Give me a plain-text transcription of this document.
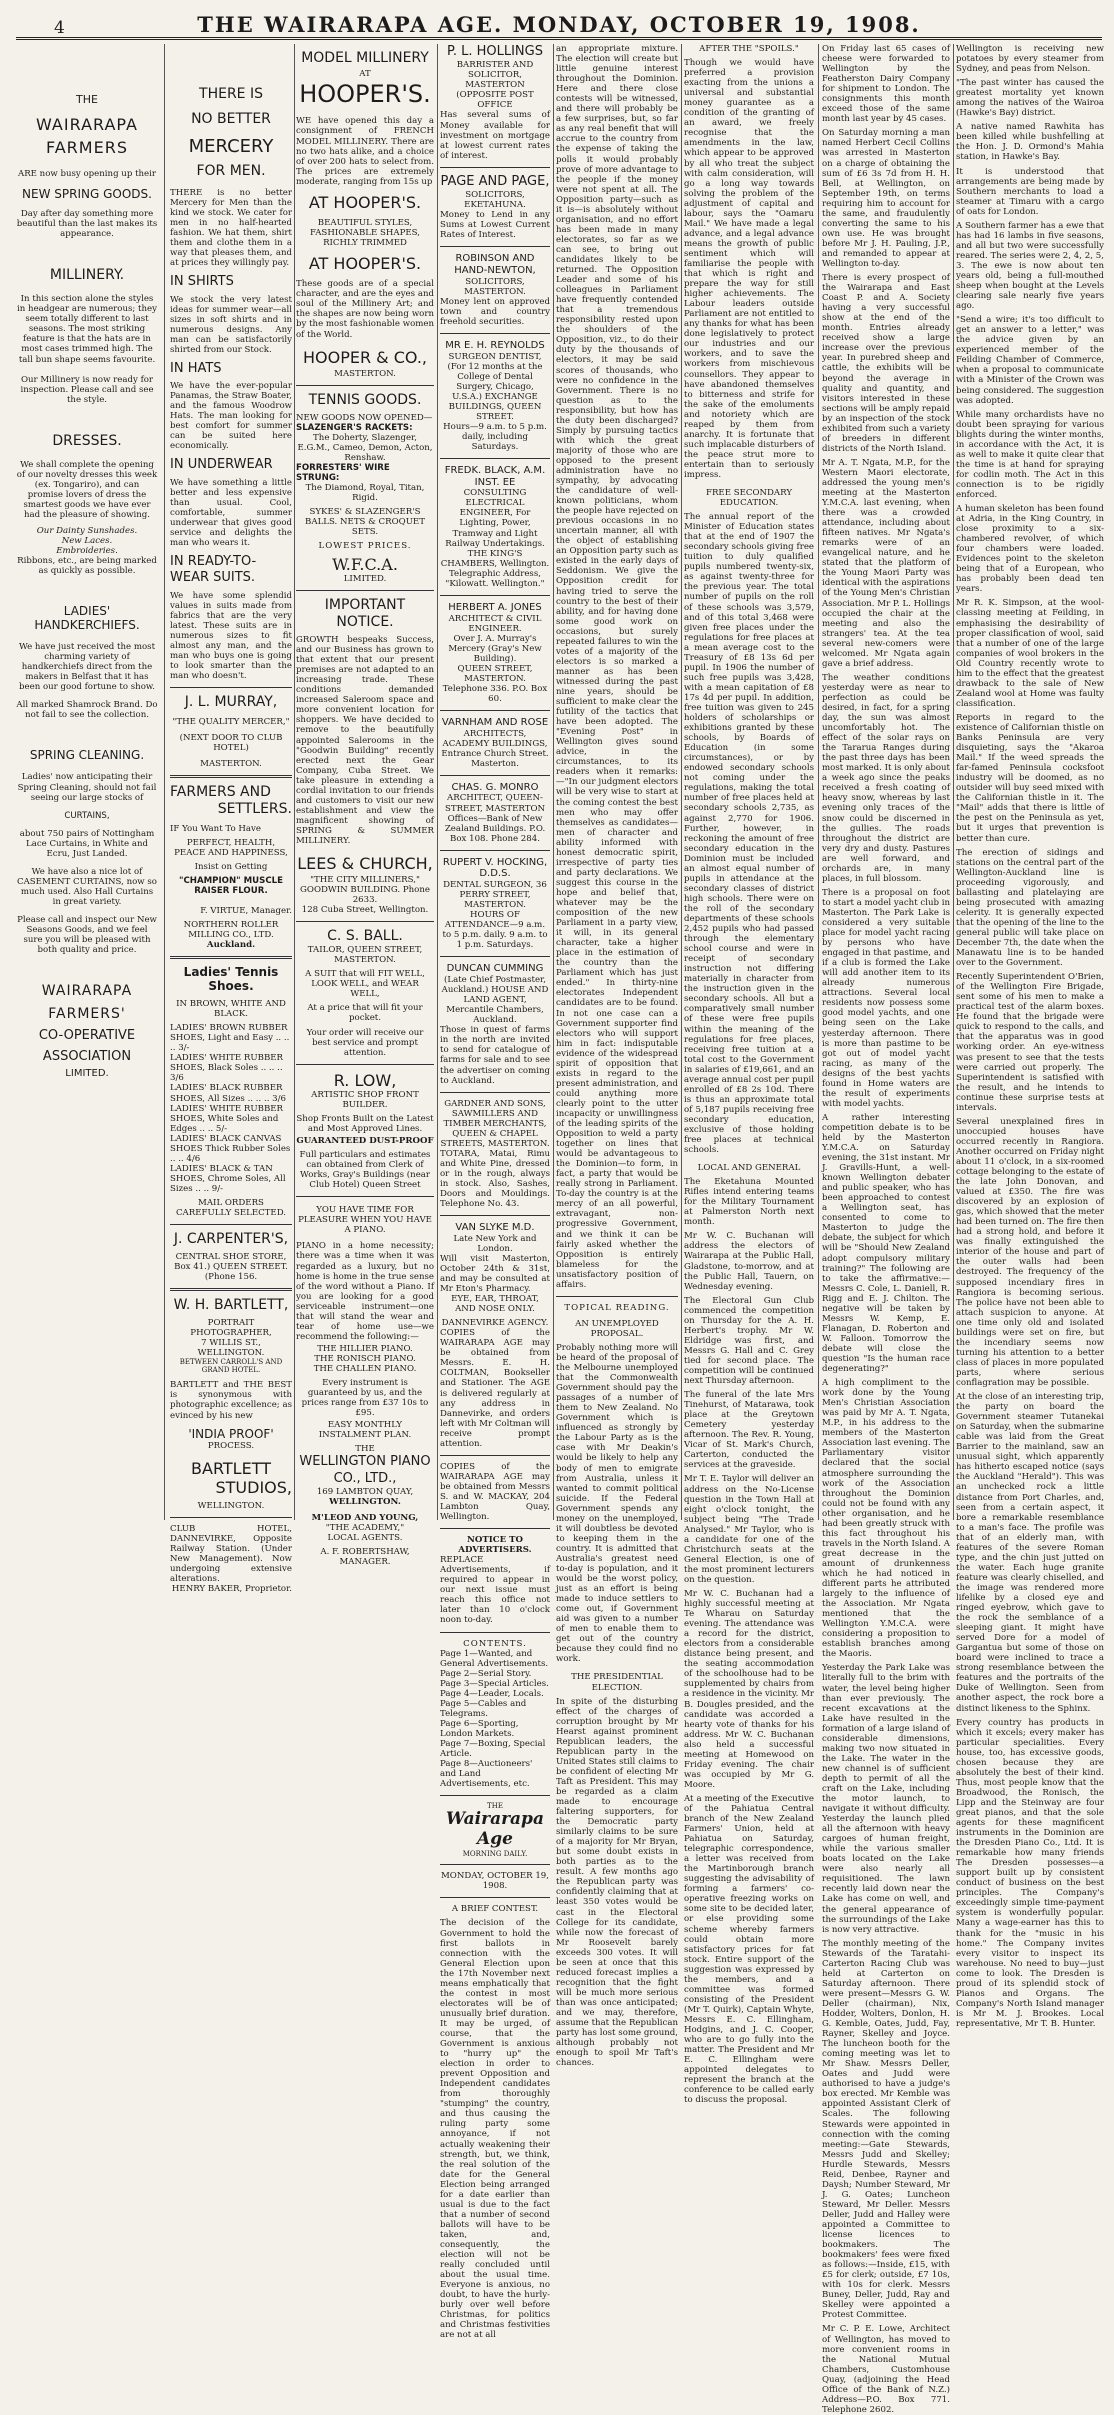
4	THE WAIRARAPA AGE. MONDAY, OCTOBER 19, 1908.
THE
WAIRARAPA
FARMERS
ARE now busy opening up their
NEW SPRING GOODS.
Day after day something more beautiful than the last makes its appearance.
MILLINERY.
In this section alone the styles in headgear are numerous; they seem totally different to last seasons. The most striking feature is that the hats are in most cases trimmed high. The tall bun shape seems favourite.
Our Millinery is now ready for inspection. Please call and see the style.
DRESSES.
We shall complete the opening of our novelty dresses this week (ex. Tongariro), and can promise lovers of dress the smartest goods we have ever had the pleasure of showing.
Our Dainty Sunshades.
New Laces.
Embroideries.
Ribbons, etc., are being marked as quickly as possible.
LADIES'
HANDKERCHIEFS.
We have just received the most charming variety of handkerchiefs direct from the makers in Belfast that it has been our good fortune to show.
All marked Shamrock Brand. Do not fail to see the collection.
SPRING CLEANING.
Ladies' now anticipating their Spring Cleaning, should not fail seeing our large stocks of
CURTAINS,
about 750 pairs of Nottingham Lace Curtains, in White and Ecru, Just Landed.
We have also a nice lot of CASEMENT CURTAINS, now so much used. Also Hall Curtains in great variety.
Please call and inspect our New Seasons Goods, and we feel sure you will be pleased with both quality and price.
WAIRARAPA
FARMERS'
CO-OPERATIVE
ASSOCIATION
LIMITED.
THERE IS
NO BETTER
MERCERY
FOR MEN.
THERE is no better Mercery for Men than the kind we stock. We cater for men in no half-hearted fashion. We hat them, shirt them and clothe them in a way that pleases them, and at prices they willingly pay.
IN SHIRTS
We stock the very latest ideas for summer wear—all sizes in soft shirts and in numerous designs. Any man can be satisfactorily shirted from our Stock.
IN HATS
We have the ever-popular Panamas, the Straw Boater, and the famous Woodrow Hats. The man looking for best comfort for summer can be suited here economically.
IN UNDERWEAR
We have something a little better and less expensive than usual. Cool, comfortable, summer underwear that gives good service and delights the man who wears it.
IN READY-TO-WEAR SUITS.
We have some splendid values in suits made from fabrics that are the very latest. These suits are in numerous sizes to fit almost any man, and the man who buys one is going to look smarter than the man who doesn't.
J. L. MURRAY,
"THE QUALITY MERCER,"
(NEXT DOOR TO CLUB HOTEL)
MASTERTON.
FARMERS AND
SETTLERS.
IF You Want To Have
PERFECT, HEALTH, PEACE AND HAPPINESS,
Insist on Getting
"CHAMPION" MUSCLE RAISER FLOUR.
F. VIRTUE, Manager.
NORTHERN ROLLER MILLING CO., LTD.
Auckland.
Ladies' Tennis Shoes.
IN BROWN, WHITE AND BLACK.
LADIES' BROWN RUBBER SHOES, Light and Easy .. .. .. 3/-
LADIES' WHITE RUBBER SHOES, Black Soles .. .. .. 3/6
LADIES' BLACK RUBBER SHOES, All Sizes .. .. .. 3/6
LADIES' WHITE RUBBER SHOES, White Soles and Edges .. .. 5/-
LADIES' BLACK CANVAS SHOES Thick Rubber Soles .. .. 4/6
LADIES' BLACK & TAN SHOES, Chrome Soles, All Sizes .. .. 9/-
MAIL ORDERS CAREFULLY SELECTED.
J. CARPENTER'S,
CENTRAL SHOE STORE,
Box 41.) QUEEN STREET. (Phone 156.
W. H. BARTLETT,
PORTRAIT PHOTOGRAPHER,
7 WILLIS ST., WELLINGTON.
BETWEEN CARROLL'S AND GRAND HOTEL.
BARTLETT and THE BEST is synonymous with photographic excellence; as evinced by his new
'INDIA PROOF'
PROCESS.
BARTLETT
STUDIOS,
WELLINGTON.
CLUB HOTEL, DANNEVIRKE, Opposite Railway Station. (Under New Management). Now undergoing extensive alterations.
HENRY BAKER, Proprietor.
MODEL MILLINERY
AT
HOOPER'S.
WE have opened this day a consignment of FRENCH MODEL MILLINERY. There are no two hats alike, and a choice of over 200 hats to select from. The prices are extremely moderate, ranging from 15s up
AT HOOPER'S.
BEAUTIFUL STYLES, FASHIONABLE SHAPES, RICHLY TRIMMED
AT HOOPER'S.
These goods are of a special character, and are the eyes and soul of the Millinery Art; and the shapes are now being worn by the most fashionable women of the World.
HOOPER & CO.,
MASTERTON.
TENNIS GOODS.
NEW GOODS NOW OPENED—
SLAZENGER'S RACKETS:
The Doherty, Slazenger, E.G.M., Cameo, Demon, Acton, Renshaw.
FORRESTERS' WIRE STRUNG:
The Diamond, Royal, Titan, Rigid.
SYKES' & SLAZENGER'S BALLS. NETS & CROQUET SETS.
LOWEST PRICES.
W.F.C.A.
LIMITED.
IMPORTANT NOTICE.
GROWTH bespeaks Success, and our Business has grown to that extent that our present premises are not adapted to an increasing trade. These conditions demanded increased Saleroom space and more convenient location for shoppers. We have decided to remove to the beautifully appointed Salerooms in the "Goodwin Building" recently erected next the Gear Company, Cuba Street. We take pleasure in extending a cordial invitation to our friends and customers to visit our new establishment and view the magnificent showing of SPRING & SUMMER MILLINERY.
LEES & CHURCH,
"THE CITY MILLINERS,"
GOODWIN BUILDING. Phone 2633.
128 Cuba Street, Wellington.
C. S. BALL.
TAILOR, QUEEN STREET, MASTERTON.
A SUIT that will FIT WELL, LOOK WELL, and WEAR WELL,
At a price that will fit your pocket.
Your order will receive our best service and prompt attention.
R. LOW,
ARTISTIC SHOP FRONT BUILDER.
Shop Fronts Built on the Latest and Most Approved Lines.
GUARANTEED DUST-PROOF
Full particulars and estimates can obtained from Clerk of Works, Gray's Buildings (near Club Hotel) Queen Street
YOU HAVE TIME FOR PLEASURE WHEN YOU HAVE A PIANO.
PIANO in a home necessity; there was a time when it was regarded as a luxury, but no home is home in the true sense of the word without a Piano. If you are looking for a good serviceable instrument—one that will stand the wear and tear of home use—we recommend the following:—
THE HILLIER PIANO.
THE RONISCH PIANO.
THE CHALLEN PIANO.
Every instrument is guaranteed by us, and the prices range from £37 10s to £95.
EASY MONTHLY INSTALMENT PLAN.
THE
WELLINGTON PIANO CO., LTD.,
169 LAMBTON QUAY,
WELLINGTON.
M'LEOD AND YOUNG,
"THE ACADEMY,"
LOCAL AGENTS.
A. F. ROBERTSHAW, MANAGER.
P. L. HOLLINGS
BARRISTER AND SOLICITOR, MASTERTON (OPPOSITE POST OFFICE
Has several sums of Money available for investment on mortgage at lowest current rates of interest.
PAGE AND PAGE,
SOLICITORS, EKETAHUNA.
Money to Lend in any Sums at Lowest Current Rates of Interest.
ROBINSON AND HAND-NEWTON,
SOLICITORS, MASTERTON.
Money lent on approved town and country freehold securities.
MR E. H. REYNOLDS
SURGEON DENTIST, (For 12 months at the College of Dental Surgery, Chicago, U.S.A.) EXCHANGE BUILDINGS, QUEEN STREET.
Hours—9 a.m. to 5 p.m. daily, including Saturdays.
FREDK. BLACK, A.M. INST. EE
CONSULTING ELECTRICAL ENGINEER, For Lighting, Power, Tramway and Light Railway Undertakings.
THE KING'S CHAMBERS, Wellington.
Telegraphic Address, "Kilowatt. Wellington."
HERBERT A. JONES
ARCHITECT & CIVIL ENGINEER.
Over J. A. Murray's Mercery (Gray's New Building).
QUEEN STREET, MASTERTON.
Telephone 336. P.O. Box 60.
VARNHAM AND ROSE
ARCHITECTS, ACADEMY BUILDINGS, Entrance Church Street. Masterton.
CHAS. G. MONRO
ARCHITECT, QUEEN-STREET, MASTERTON
Offices—Bank of New Zealand Buildings. P.O. Box 108. Phone 284.
RUPERT V. HOCKING, D.D.S.
DENTAL SURGEON, 36 PERRY STREET, MASTERTON.
HOURS OF ATTENDANCE—9 a.m. to 5 p.m. daily. 9 a.m. to 1 p.m. Saturdays.
DUNCAN CUMMING
(Late Chief Postmaster, Auckland.) HOUSE AND LAND AGENT, Mercantile Chambers, Auckland.
Those in quest of farms in the north are invited to send for catalogue of farms for sale and to see the advertiser on coming to Auckland.
GARDNER AND SONS, SAWMILLERS AND TIMBER MERCHANTS,
QUEEN & CHAPEL STREETS, MASTERTON.
TOTARA, Matai, Rimu and White Pine, dressed or in the rough, always in stock. Also, Sashes, Doors and Mouldings. Telephone No. 43.
VAN SLYKE M.D.
Late New York and London.
Will visit Masterton, October 24th & 31st, and may be consulted at Mr Eton's Pharmacy.
EYE, EAR, THROAT, AND NOSE ONLY.
DANNEVIRKE AGENCY.
COPIES of the WAIRARAPA AGE may be obtained from Messrs. E. H. COLTMAN, Bookseller and Stationer. The AGE is delivered regularly at any address in Dannevirke, and orders left with Mr Coltman will receive prompt attention.
COPIES of the WAIRARAPA AGE may be obtained from Messrs S. and W. MACKAY, 204 Lambton Quay, Wellington.
NOTICE TO ADVERTISERS.
REPLACE Advertisements, if required to appear in our next issue must reach this office not later than 10 o'clock noon to-day.
CONTENTS.
Page 1—Wanted, and General Advertisements.
Page 2—Serial Story.
Page 3—Special Articles.
Page 4—Leader, Locals.
Page 5—Cables and Telegrams.
Page 6—Sporting, London Markets.
Page 7—Boxing, Special Article.
Page 8—Auctioneers' and Land Advertisements, etc.
THE
Wairarapa Age
MORNING DAILY.
MONDAY, OCTOBER 19, 1908.
A BRIEF CONTEST.
The decision of the Government to hold the first ballots in connection with the General Election upon the 17th November next means emphatically that the contest in most electorates will be of unusually brief duration. It may be urged, of course, that the Government is anxious to "hurry up" the election in order to prevent Opposition and Independent candidates from thoroughly "stumping" the country, and thus causing the ruling party some annoyance, if not actually weakening their strength, but, we think, the real solution of the date for the General Election being arranged for a date earlier than usual is due to the fact that a number of second ballots will have to be taken, and, consequently, the election will not be really concluded until about the usual time. Everyone is anxious, no doubt, to have the hurly-burly over well before Christmas, for politics and Christmas festivities are not at all
an appropriate mixture. The election will create but little genuine interest throughout the Dominion. Here and there close contests will be witnessed, and there will probably be a few surprises, but, so far as any real benefit that will accrue to the country from the expense of taking the polls it would probably prove of more advantage to the people if the money were not spent at all. The Opposition party—such as it is—is absolutely without organisation, and no effort has been made in many electorates, so far as we can see, to bring out candidates likely to be returned. The Opposition Leader and some of his colleagues in Parliament have frequently contended that a tremendous responsibility rested upon the shoulders of the Opposition, viz., to do their duty by the thousands of electors, it may be said scores of thousands, who were no confidence in the Government. There is no question as to the responsibility, but how has the duty been discharged? Simply by pursuing tactics with which the great majority of those who are opposed to the present administration have no sympathy, by advocating the candidature of well-known politicians, whom the people have rejected on previous occasions in no uncertain manner, all with the object of establishing an Opposition party such as existed in the early days of Seddonism. We give the Opposition credit for having tried to serve the country to the best of their ability, and for having done some good work on occasions, but surely repeated failures to win the votes of a majority of the electors is so marked a manner as has been witnessed during the past nine years, should be sufficient to make clear the futility of the tactics that have been adopted. The "Evening Post" in Wellington gives sound advice, in the circumstances, to its readers when it remarks:—"In our judgment electors will be very wise to start at the coming contest the best men who may offer themselves as candidates—men of character and ability informed with honest democratic spirit, irrespective of party ties and party declarations. We suggest this course in the hope and belief that, whatever may be the composition of the new Parliament in a party view, it will, in its general character, take a higher place in the estimation of the country than the Parliament which has just ended." In thirty-nine electorates Independent candidates are to be found. In not one case can a Government supporter find electors who will support him in fact: indisputable evidence of the widespread spirit of opposition that exists in regard to the present administration, and could anything more clearly point to the utter incapacity or unwillingness of the leading spirits of the Opposition to weld a party together on lines that would be advantageous to the Dominion—to form, in fact, a party that would be really strong in Parliament. To-day the country is at the mercy of an all powerful, extravagant, non-progressive Government, and we think it can be fairly asked whether the Opposition is entirely blameless for the unsatisfactory position of affairs.
TOPICAL READING.
AN UNEMPLOYED PROPOSAL.
Probably nothing more will be heard of the proposal of the Melbourne unemployed that the Commonwealth Government should pay the passages of a number of them to New Zealand. No Government which is influenced as strongly by the Labour Party as is the case with Mr Deakin's would be likely to help any body of men to emigrate from Australia, unless it wanted to commit political suicide. If the Federal Government spends any money on the unemployed, it will doubtless be devoted to keeping them in the country. It is admitted that Australia's greatest need to-day is population, and it would be the worst policy, just as an effort is being made to induce settlers to come out, if Government aid was given to a number of men to enable them to get out of the country because they could find no work.
THE PRESIDENTIAL ELECTION.
In spite of the disturbing effect of the charges of corruption brought by Mr Hearst against prominent Republican leaders, the Republican party in the United States still claims to be confident of electing Mr Taft as President. This may be regarded as a claim made to encourage faltering supporters, for the Democratic party similarly claims to be sure of a majority for Mr Bryan, but some doubt exists in both parties as to the result. A few months ago the Republican party was confidently claiming that at least 350 votes would be cast in the Electoral College for its candidate, while now the forecast of Mr Roosevelt barely exceeds 300 votes. It will be seen at once that this reduced forecast implies a recognition that the fight will be much more serious than was once anticipated; and we may, therefore, assume that the Republican party has lost some ground, although probably not enough to spoil Mr Taft's chances.
AFTER THE "SPOILS."
Though we would have preferred a provision exacting from the unions a universal and substantial money guarantee as a condition of the granting of an award, we freely recognise that the amendments in the law, which appear to be approved by all who treat the subject with calm consideration, will go a long way towards solving the problem of the adjustment of capital and labour, says the "Oamaru Mail." We have made a legal advance, and a legal advance means the growth of public sentiment which will familiarise the people with that which is right and prepare the way for still higher achievements. The Labour leaders outside Parliament are not entitled to any thanks for what has been done legislatively to protect our industries and our workers, and to save the workers from mischievous counsellors. They appear to have abandoned themselves to bitterness and strife for the sake of the emoluments and notoriety which are reaped by them from anarchy. It is fortunate that such implacable disturbers of the peace strut more to entertain than to seriously impress.
FREE SECONDARY EDUCATION.
The annual report of the Minister of Education states that at the end of 1907 the secondary schools giving free tuition to duly qualified pupils numbered twenty-six, as against twenty-three for the previous year. The total number of pupils on the roll of these schools was 3,579, and of this total 3,468 were given free places under the regulations for free places at a mean average cost to the Treasury of £8 13s 6d per pupil. In 1906 the number of such free pupils was 3,428, with a mean capitation of £8 17s 4d per pupil. In addition, free tuition was given to 245 holders of scholarships or exhibitions granted by these schools, by Boards of Education (in some circumstances), or by endowed secondary schools not coming under the regulations, making the total number of free places held at secondary schools 2,735, as against 2,770 for 1906. Further, however, in reckoning the amount of free secondary education in the Dominion must be included an almost equal number of pupils in attendance at the secondary classes of district high schools. There were on the roll of the secondary departments of these schools 2,452 pupils who had passed through the elementary school course and were in receipt of secondary instruction not differing materially in character from the instruction given in the secondary schools. All but a comparatively small number of these were free pupils within the meaning of the regulations for free places, receiving free tuition at a total cost to the Government in salaries of £19,661, and an average annual cost per pupil enrolled of £8 2s 10d. There is thus an approximate total of 5,187 pupils receiving free secondary education, exclusive of those holding free places at technical schools.
LOCAL AND GENERAL
The Eketahuna Mounted Rifles intend entering teams for the Military Tournament at Palmerston North next month.
Mr W. C. Buchanan will address the electors of Wairarapa at the Public Hall, Gladstone, to-morrow, and at the Public Hall, Tauern, on Wednesday evening.
The Electoral Gun Club commenced the competition on Thursday for the A. H. Herbert's trophy. Mr W. Eldridge was first, and Messrs G. Hall and C. Grey tied for second place. The competition will be continued next Thursday afternoon.
The funeral of the late Mrs Tinehurst, of Matarawa, took place at the Greytown Cemetery yesterday afternoon. The Rev. R. Young, Vicar of St. Mark's Church, Carterton, conducted the services at the graveside.
Mr T. E. Taylor will deliver an address on the No-License question in the Town Hall at eight o'clock tonight, the subject being "The Trade Analysed." Mr Taylor, who is a candidate for one of the Christchurch seats at the General Election, is one of the most prominent lecturers on the question.
Mr W. C. Buchanan had a highly successful meeting at Te Wharau on Saturday evening. The attendance was a record for the district, electors from a considerable distance being present, and the seating accommodation of the schoolhouse had to be supplemented by chairs from a residence in the vicinity. Mr B. Dougles presided, and the candidate was accorded a hearty vote of thanks for his address. Mr W. C. Buchanan also held a successful meeting at Homewood on Friday evening. The chair was occupied by Mr G. Moore.
At a meeting of the Executive of the Pahiatua Central branch of the New Zealand Farmers' Union, held at Pahiatua on Saturday, telegraphic correspondence, a letter was received from the Martinborough branch suggesting the advisability of forming a farmers' co-operative freezing works on some site to be decided later, or else providing some scheme whereby farmers could obtain more satisfactory prices for fat stock. Entire support of the suggestion was expressed by the members, and a committee was formed consisting of the President (Mr T. Quirk), Captain Whyte, Messrs E. C. Ellingham, Hodgins, and J. C. Cooper, who are to go fully into the matter. The President and Mr E. C. Ellingham were appointed delegates to represent the branch at the conference to be called early to discuss the proposal.
On Friday last 65 cases of cheese were forwarded to Wellington by the Featherston Dairy Company for shipment to London. The consignments this month exceed those of the same month last year by 45 cases.
On Saturday morning a man named Herbert Cecil Collins was arrested in Masterton on a charge of obtaining the sum of £6 3s 7d from H. H. Bell, at Wellington, on September 19th, on terms requiring him to account for the same, and fraudulently converting the same to his own use. He was brought before Mr J. H. Pauling, J.P., and remanded to appear at Wellington to-day.
There is every prospect of the Wairarapa and East Coast P. and A. Society having a very successful show at the end of the month. Entries already received show a large increase over the previous year. In purebred sheep and cattle, the exhibits will be beyond the average in quality and quantity, and visitors interested in these sections will be amply repaid by an inspection of the stock exhibited from such a variety of breeders in different districts of the North Island.
Mr A. T. Ngata, M.P., for the Western Maori electorate, addressed the young men's meeting at the Masterton Y.M.C.A. last evening, when there was a crowded attendance, including about fifteen natives. Mr Ngata's remarks were of an evangelical nature, and he stated that the platform of the Young Maori Party was identical with the aspirations of the Young Men's Christian Association. Mr P. L. Hollings occupied the chair at the meeting and also the strangers' tea. At the tea several new-comers were welcomed. Mr Ngata again gave a brief address.
The weather conditions yesterday were as near to perfection as could be desired, in fact, for a spring day, the sun was almost uncomfortably hot. The effect of the solar rays on the Tararua Ranges during the past three days has been most marked. It is only about a week ago since the peaks received a fresh coating of heavy snow, whereas by last evening only traces of the snow could be discerned in the gullies. The roads throughout the district are very dry and dusty. Pastures are well forward, and orchards are, in many places, in full blossom.
There is a proposal on foot to start a model yacht club in Masterton. The Park Lake is considered a very suitable place for model yacht racing by persons who have engaged in that pastime, and if a club is formed the Lake will add another item to its already numerous attractions. Several local residents now possess some good model yachts, and one being seen on the Lake yesterday afternoon. There is more than pastime to be got out of model yacht racing, as many of the designs of the best yachts found in Home waters are the result of experiments with model yachts.
A rather interesting competition debate is to be held by the Masterton Y.M.C.A. on Saturday evening, the 31st instant. Mr J. Gravills-Hunt, a well-known Wellington debater and public speaker, who has been approached to contest a Wellington seat, has consented to come to Masterton to judge the debate, the subject for which will be "Should New Zealand adopt compulsory military training?" The following are to take the affirmative:—Messrs C. Cole, L. Daniell, R. Rigg and E. J. Chilton. The negative will be taken by Messrs W. Kemp, E. Flanagan, D. Roberton and W. Falloon. Tomorrow the debate will close the question "Is the human race degenerating?"
A high compliment to the work done by the Young Men's Christian Association was paid by Mr A. T. Ngata, M.P., in his address to the members of the Masterton Association last evening. The Parliamentary visitor declared that the social atmosphere surrounding the work of the Association throughout the Dominion could not be found with any other organisation, and he had been greatly struck with this fact throughout his travels in the North Island. A great decrease in the amount of drunkenness which he had noticed in different parts he attributed largely to the influence of the Association. Mr Ngata mentioned that the Wellington Y.M.C.A. were considering a proposition to establish branches among the Maoris.
Yesterday the Park Lake was literally full to the brim with water, the level being higher than ever previously. The recent excavations at the Lake have resulted in the formation of a large island of considerable dimensions, making two now situated in the Lake. The water in the new channel is of sufficient depth to permit of all the craft on the Lake, including the motor launch, to navigate it without difficulty. Yesterday the launch plied all the afternoon with heavy cargoes of human freight, while the various smaller boats located on the Lake were also nearly all requisitioned. The lawn recently laid down near the Lake has come on well, and the general appearance of the surroundings of the Lake is now very attractive.
The monthly meeting of the Stewards of the Taratahi-Carterton Racing Club was held at Carterton on Saturday afternoon. There were present—Messrs G. W. Deller (chairman), Nix, Hodder, Wolters, Donlon, H. G. Kemble, Oates, Judd, Fay, Rayner, Skelley and Joyce. The luncheon booth for the coming meeting was let to Mr Shaw. Messrs Deller, Oates and Judd were authorised to have a judge's box erected. Mr Kemble was appointed Assistant Clerk of Scales. The following Stewards were appointed in connection with the coming meeting:—Gate Stewards, Messrs Judd and Skelley; Hurdle Stewards, Messrs Reid, Denbee, Rayner and Daysh; Number Steward, Mr J. G. Oates; Luncheon Steward, Mr Deller. Messrs Deller, Judd and Halley were appointed a Committee to license licences to bookmakers. The bookmakers' fees were fixed as follows:—Inside, £15, with £5 for clerk; outside, £7 10s, with 10s for clerk. Messrs Buney, Deller, Judd, Ray and Skelley were appointed a Protest Committee.
Mr C. P. E. Lowe, Architect of Wellington, has moved to more convenient rooms in the National Mutual Chambers, Customhouse Quay, (adjoining the Head Office of the Bank of N.Z.) Address—P.O. Box 771. Telephone 2602.
Wellington is receiving new potatoes by every steamer from Sydney, and peas from Nelson.
"The past winter has caused the greatest mortality yet known among the natives of the Wairoa (Hawke's Bay) district.
A native named Rawhita has been killed while bushfelling at the Hon. J. D. Ormond's Mahia station, in Hawke's Bay.
It is understood that arrangements are being made by Southern merchants to load a steamer at Timaru with a cargo of oats for London.
A Southern farmer has a ewe that has had 16 lambs in five seasons, and all but two were successfully reared. The series were 2, 4, 2, 5, 3. The ewe is now about ten years old, being a full-mouthed sheep when bought at the Levels clearing sale nearly five years ago.
"Send a wire; it's too difficult to get an answer to a letter," was the advice given by an experienced member of the Feilding Chamber of Commerce, when a proposal to communicate with a Minister of the Crown was being considered. The suggestion was adopted.
While many orchardists have no doubt been spraying for various blights during the winter months, in accordance with the Act, it is as well to make it quite clear that the time is at hand for spraying for codlin moth. The Act in this connection is to be rigidly enforced.
A human skeleton has been found at Adria, in the King Country, in close proximity to a six-chambered revolver, of which four chambers were loaded. Evidences point to the skeleton being that of a European, who has probably been dead ten years.
Mr R. K. Simpson, at the wool-classing meeting at Feilding, in emphasising the desirability of proper classification of wool, said that a number of one of the large companies of wool brokers in the Old Country recently wrote to him to the effect that the greatest drawback to the sale of New Zealand wool at Home was faulty classification.
Reports in regard to the existence of Californian thistle on Banks Peninsula are very disquieting, says the "Akaroa Mail." If the weed spreads the far-famed Peninsula cocksfoot industry will be doomed, as no outsider will buy seed mixed with the Californian thistle in it. The "Mail" adds that there is little of the pest on the Peninsula as yet, but it urges that prevention is better than cure.
The erection of sidings and stations on the central part of the Wellington-Auckland line is proceeding vigorously, and ballasting and platelaying are being prosecuted with amazing celerity. It is generally expected that the opening of the line to the general public will take place on December 7th, the date when the Manawatu line is to be handed over to the Government.
Recently Superintendent O'Brien, of the Wellington Fire Brigade, sent some of his men to make a practical test of the alarm boxes. He found that the brigade were quick to respond to the calls, and that the apparatus was in good working order. An eye-witness was present to see that the tests were carried out properly. The Superintendent is satisfied with the result, and he intends to continue these surprise tests at intervals.
Several unexplained fires in unoccupied houses have occurred recently in Rangiora. Another occurred on Friday night about 11 o'clock, in a six-roomed cottage belonging to the estate of the late John Donovan, and valued at £350. The fire was discovered by an explosion of gas, which showed that the meter had been turned on. The fire then had a strong hold, and before it was finally extinguished the interior of the house and part of the outer walls had been destroyed. The frequency of the supposed incendiary fires in Rangiora is becoming serious. The police have not been able to attach suspicion to anyone. At one time only old and isolated buildings were set on fire, but the incendiary seems now turning his attention to a better class of places in more populated parts, where serious conflagration may be possible.
At the close of an interesting trip, the party on board the Government steamer Tutanekai on Saturday, when the submarine cable was laid from the Great Barrier to the mainland, saw an unusual sight, which apparently has hitherto escaped notice (says the Auckland "Herald"). This was an unchecked rock a little distance from Port Charles, and, seen from a certain aspect, it bore a remarkable resemblance to a man's face. The profile was that of an elderly man, with features of the severe Roman type, and the chin just jutted on the water. Each huge granite feature was clearly chiselled, and the image was rendered more lifelike by a closed eye and ringed eyebrow, which gave to the rock the semblance of a sleeping giant. It might have served Dore for a model of Gargantua but some of those on board were inclined to trace a strong resemblance between the features and the portraits of the Duke of Wellington. Seen from another aspect, the rock bore a distinct likeness to the Sphinx.
Every country has products in which it excels; every maker has particular specialities. Every house, too, has excessive goods, chosen because they are absolutely the best of their kind. Thus, most people know that the Broadwood, the Ronisch, the Lipp and the Steinway are four great pianos, and that the sole agents for these magnificent instruments in the Dominion are the Dresden Piano Co., Ltd. It is remarkable how many friends The Dresden possesses—a support built up by consistent conduct of business on the best principles. The Company's exceedingly simple time-payment system is wonderfully popular. Many a wage-earner has this to thank for the "music in his home." The Company invites every visitor to inspect its warehouse. No need to buy—just come to look. The Dresden is proud of its splendid stock of Pianos and Organs. The Company's North Island manager is Mr M. J. Brookes. Local representative, Mr T. B. Hunter.
